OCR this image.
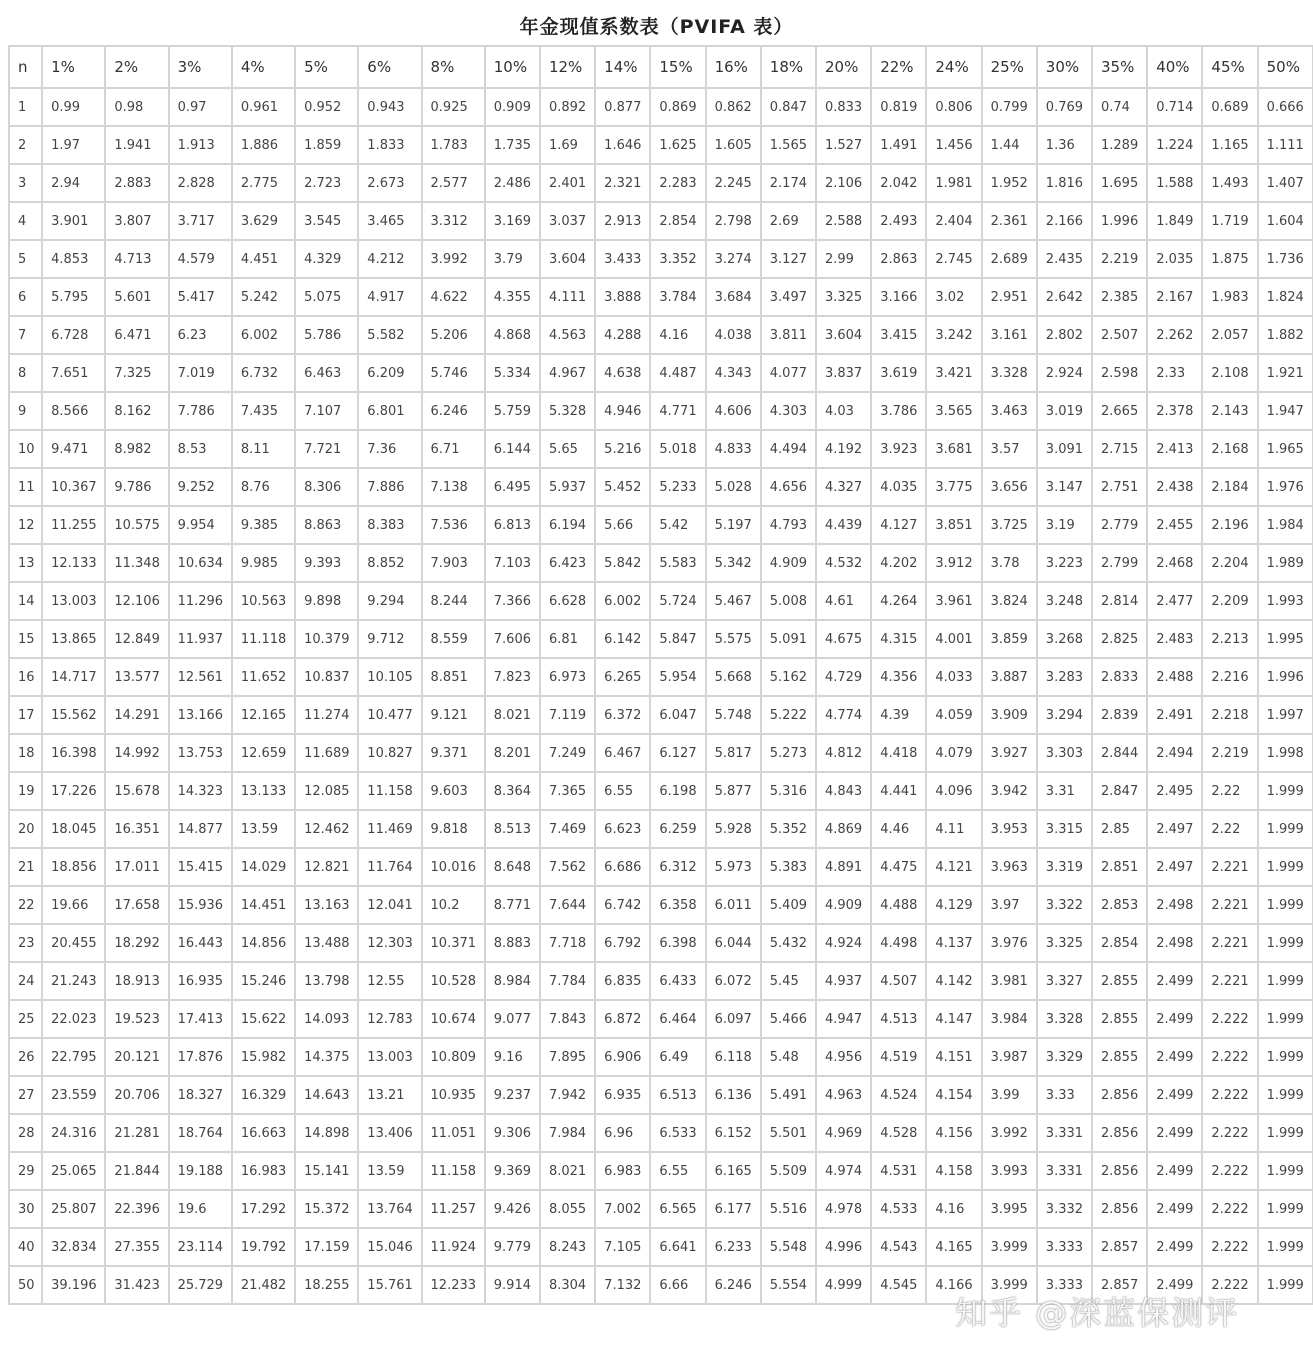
年金现值系数表（PVIFA 表）
n	1%	2%	3%	4%	5%	6%	8%	10%	12%	14%	15%	16%	18%	20%	22%	24%	25%	30%	35%	40%	45%	50%
1	0.99	0.98	0.97	0.961	0.952	0.943	0.925	0.909	0.892	0.877	0.869	0.862	0.847	0.833	0.819	0.806	0.799	0.769	0.74	0.714	0.689	0.666
2	1.97	1.941	1.913	1.886	1.859	1.833	1.783	1.735	1.69	1.646	1.625	1.605	1.565	1.527	1.491	1.456	1.44	1.36	1.289	1.224	1.165	1.111
3	2.94	2.883	2.828	2.775	2.723	2.673	2.577	2.486	2.401	2.321	2.283	2.245	2.174	2.106	2.042	1.981	1.952	1.816	1.695	1.588	1.493	1.407
4	3.901	3.807	3.717	3.629	3.545	3.465	3.312	3.169	3.037	2.913	2.854	2.798	2.69	2.588	2.493	2.404	2.361	2.166	1.996	1.849	1.719	1.604
5	4.853	4.713	4.579	4.451	4.329	4.212	3.992	3.79	3.604	3.433	3.352	3.274	3.127	2.99	2.863	2.745	2.689	2.435	2.219	2.035	1.875	1.736
6	5.795	5.601	5.417	5.242	5.075	4.917	4.622	4.355	4.111	3.888	3.784	3.684	3.497	3.325	3.166	3.02	2.951	2.642	2.385	2.167	1.983	1.824
7	6.728	6.471	6.23	6.002	5.786	5.582	5.206	4.868	4.563	4.288	4.16	4.038	3.811	3.604	3.415	3.242	3.161	2.802	2.507	2.262	2.057	1.882
8	7.651	7.325	7.019	6.732	6.463	6.209	5.746	5.334	4.967	4.638	4.487	4.343	4.077	3.837	3.619	3.421	3.328	2.924	2.598	2.33	2.108	1.921
9	8.566	8.162	7.786	7.435	7.107	6.801	6.246	5.759	5.328	4.946	4.771	4.606	4.303	4.03	3.786	3.565	3.463	3.019	2.665	2.378	2.143	1.947
10	9.471	8.982	8.53	8.11	7.721	7.36	6.71	6.144	5.65	5.216	5.018	4.833	4.494	4.192	3.923	3.681	3.57	3.091	2.715	2.413	2.168	1.965
11	10.367	9.786	9.252	8.76	8.306	7.886	7.138	6.495	5.937	5.452	5.233	5.028	4.656	4.327	4.035	3.775	3.656	3.147	2.751	2.438	2.184	1.976
12	11.255	10.575	9.954	9.385	8.863	8.383	7.536	6.813	6.194	5.66	5.42	5.197	4.793	4.439	4.127	3.851	3.725	3.19	2.779	2.455	2.196	1.984
13	12.133	11.348	10.634	9.985	9.393	8.852	7.903	7.103	6.423	5.842	5.583	5.342	4.909	4.532	4.202	3.912	3.78	3.223	2.799	2.468	2.204	1.989
14	13.003	12.106	11.296	10.563	9.898	9.294	8.244	7.366	6.628	6.002	5.724	5.467	5.008	4.61	4.264	3.961	3.824	3.248	2.814	2.477	2.209	1.993
15	13.865	12.849	11.937	11.118	10.379	9.712	8.559	7.606	6.81	6.142	5.847	5.575	5.091	4.675	4.315	4.001	3.859	3.268	2.825	2.483	2.213	1.995
16	14.717	13.577	12.561	11.652	10.837	10.105	8.851	7.823	6.973	6.265	5.954	5.668	5.162	4.729	4.356	4.033	3.887	3.283	2.833	2.488	2.216	1.996
17	15.562	14.291	13.166	12.165	11.274	10.477	9.121	8.021	7.119	6.372	6.047	5.748	5.222	4.774	4.39	4.059	3.909	3.294	2.839	2.491	2.218	1.997
18	16.398	14.992	13.753	12.659	11.689	10.827	9.371	8.201	7.249	6.467	6.127	5.817	5.273	4.812	4.418	4.079	3.927	3.303	2.844	2.494	2.219	1.998
19	17.226	15.678	14.323	13.133	12.085	11.158	9.603	8.364	7.365	6.55	6.198	5.877	5.316	4.843	4.441	4.096	3.942	3.31	2.847	2.495	2.22	1.999
20	18.045	16.351	14.877	13.59	12.462	11.469	9.818	8.513	7.469	6.623	6.259	5.928	5.352	4.869	4.46	4.11	3.953	3.315	2.85	2.497	2.22	1.999
21	18.856	17.011	15.415	14.029	12.821	11.764	10.016	8.648	7.562	6.686	6.312	5.973	5.383	4.891	4.475	4.121	3.963	3.319	2.851	2.497	2.221	1.999
22	19.66	17.658	15.936	14.451	13.163	12.041	10.2	8.771	7.644	6.742	6.358	6.011	5.409	4.909	4.488	4.129	3.97	3.322	2.853	2.498	2.221	1.999
23	20.455	18.292	16.443	14.856	13.488	12.303	10.371	8.883	7.718	6.792	6.398	6.044	5.432	4.924	4.498	4.137	3.976	3.325	2.854	2.498	2.221	1.999
24	21.243	18.913	16.935	15.246	13.798	12.55	10.528	8.984	7.784	6.835	6.433	6.072	5.45	4.937	4.507	4.142	3.981	3.327	2.855	2.499	2.221	1.999
25	22.023	19.523	17.413	15.622	14.093	12.783	10.674	9.077	7.843	6.872	6.464	6.097	5.466	4.947	4.513	4.147	3.984	3.328	2.855	2.499	2.222	1.999
26	22.795	20.121	17.876	15.982	14.375	13.003	10.809	9.16	7.895	6.906	6.49	6.118	5.48	4.956	4.519	4.151	3.987	3.329	2.855	2.499	2.222	1.999
27	23.559	20.706	18.327	16.329	14.643	13.21	10.935	9.237	7.942	6.935	6.513	6.136	5.491	4.963	4.524	4.154	3.99	3.33	2.856	2.499	2.222	1.999
28	24.316	21.281	18.764	16.663	14.898	13.406	11.051	9.306	7.984	6.96	6.533	6.152	5.501	4.969	4.528	4.156	3.992	3.331	2.856	2.499	2.222	1.999
29	25.065	21.844	19.188	16.983	15.141	13.59	11.158	9.369	8.021	6.983	6.55	6.165	5.509	4.974	4.531	4.158	3.993	3.331	2.856	2.499	2.222	1.999
30	25.807	22.396	19.6	17.292	15.372	13.764	11.257	9.426	8.055	7.002	6.565	6.177	5.516	4.978	4.533	4.16	3.995	3.332	2.856	2.499	2.222	1.999
40	32.834	27.355	23.114	19.792	17.159	15.046	11.924	9.779	8.243	7.105	6.641	6.233	5.548	4.996	4.543	4.165	3.999	3.333	2.857	2.499	2.222	1.999
50	39.196	31.423	25.729	21.482	18.255	15.761	12.233	9.914	8.304	7.132	6.66	6.246	5.554	4.999	4.545	4.166	3.999	3.333	2.857	2.499	2.222	1.999
知乎 @深蓝保测评
